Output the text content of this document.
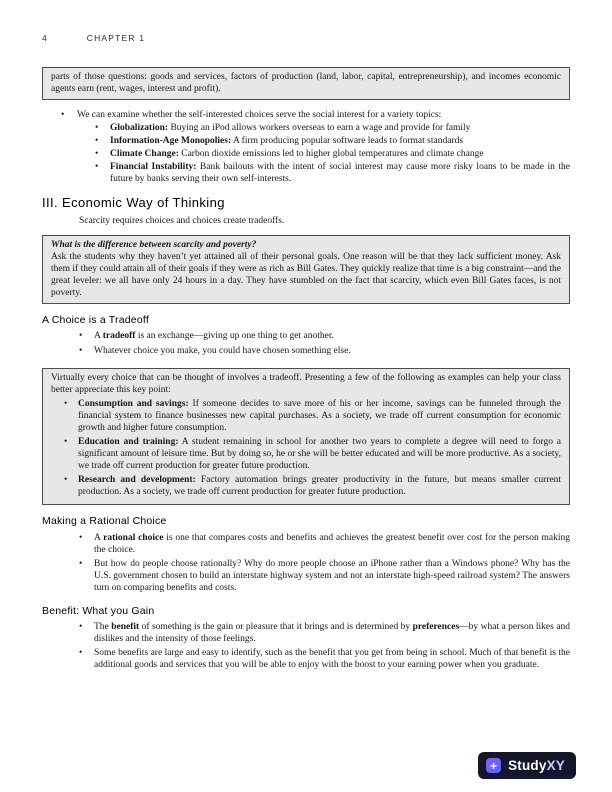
4	CHAPTER 1

parts of those questions: goods and services, factors of production (land, labor, capital, entrepreneurship), and incomes economic agents earn (rent, wages, interest and profit).

• We can examine whether the self-interested choices serve the social interest for a variety topics:
• Globalization: Buying an iPod allows workers overseas to earn a wage and provide for family
• Information-Age Monopolies: A firm producing popular software leads to format standards
• Climate Change: Carbon dioxide emissions led to higher global temperatures and climate change
• Financial Instability: Bank bailouts with the intent of social interest may cause more risky loans to be made in the future by banks serving their own self-interests.
III. Economic Way of Thinking

Scarcity requires choices and choices create tradeoffs.

What is the difference between scarcity and poverty?

Ask the students why they haven’t yet attained all of their personal goals. One reason will be that they lack sufficient money. Ask them if they could attain all of their goals if they were as rich as Bill Gates. They quickly realize that time is a big constraint—and the great leveler: we all have only 24 hours in a day. They have stumbled on the fact that scarcity, which even Bill Gates faces, is not poverty.

A Choice is a Tradeoff
• A tradeoff is an exchange—giving up one thing to get another.
• Whatever choice you make, you could have chosen something else.

Virtually every choice that can be thought of involves a tradeoff. Presenting a few of the following as examples can help your class better appreciate this key point:

• Consumption and savings: If someone decides to save more of his or her income, savings can be funneled through the financial system to finance businesses new capital purchases. As a society, we trade off current consumption for economic growth and higher future consumption.
• Education and training: A student remaining in school for another two years to complete a degree will need to forgo a significant amount of leisure time. But by doing so, he or she will be better educated and will be more productive. As a society, we trade off current production for greater future production.
• Research and development: Factory automation brings greater productivity in the future, but means smaller current production. As a society, we trade off current production for greater future production.
Making a Rational Choice
• A rational choice is one that compares costs and benefits and achieves the greatest benefit over cost for the person making the choice.
• But how do people choose rationally? Why do more people choose an iPhone rather than a Windows phone? Why has the U.S. government chosen to build an interstate highway system and not an interstate high-speed railroad system? The answers turn on comparing benefits and costs.
Benefit: What you Gain
• The benefit of something is the gain or pleasure that it brings and is determined by preferences—by what a person likes and dislikes and the intensity of those feelings.
• Some benefits are large and easy to identify, such as the benefit that you get from being in school. Much of that benefit is the additional goods and services that you will be able to enjoy with the boost to your earning power when you graduate.
+ StudyXY
